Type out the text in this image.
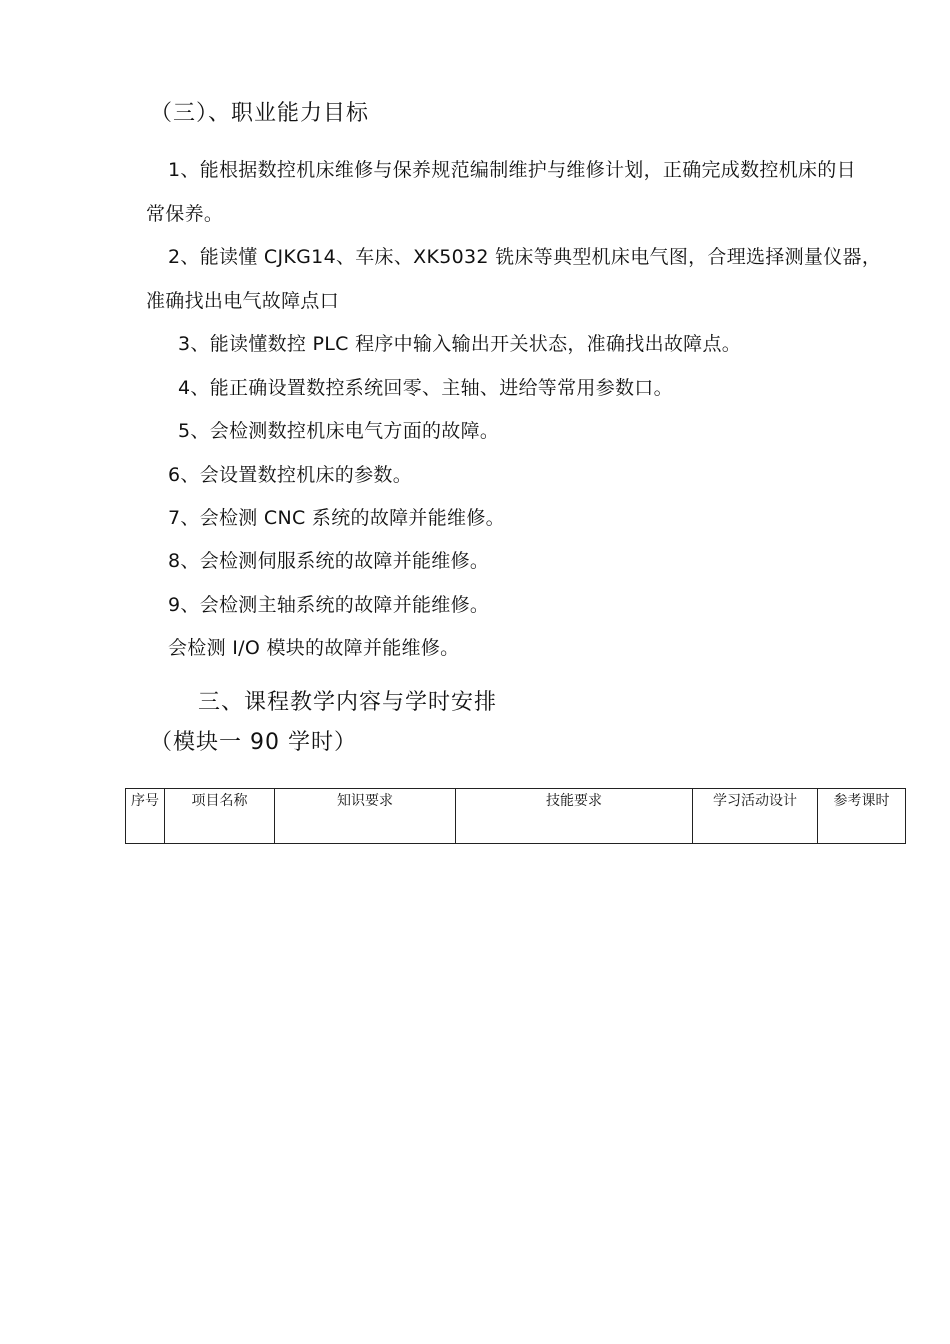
（三）、职业能力目标
1、能根据数控机床维修与保养规范编制维护与维修计划，正确完成数控机床的日
常保养。
2、能读懂 CJKG14、车床、XK5032 铣床等典型机床电气图，合理选择测量仪器，
准确找出电气故障点口
3、能读懂数控 PLC 程序中输入输出开关状态，准确找出故障点。
4、能正确设置数控系统回零、主轴、进给等常用参数口。
5、会检测数控机床电气方面的故障。
6、会设置数控机床的参数。
7、会检测 CNC 系统的故障并能维修。
8、会检测伺服系统的故障并能维修。
9、会检测主轴系统的故障并能维修。
会检测 I/O 模块的故障并能维修。
三、课程教学内容与学时安排
（模块一 90 学时）
序号	项目名称	知识要求	技能要求	学习活动设计	参考课时
